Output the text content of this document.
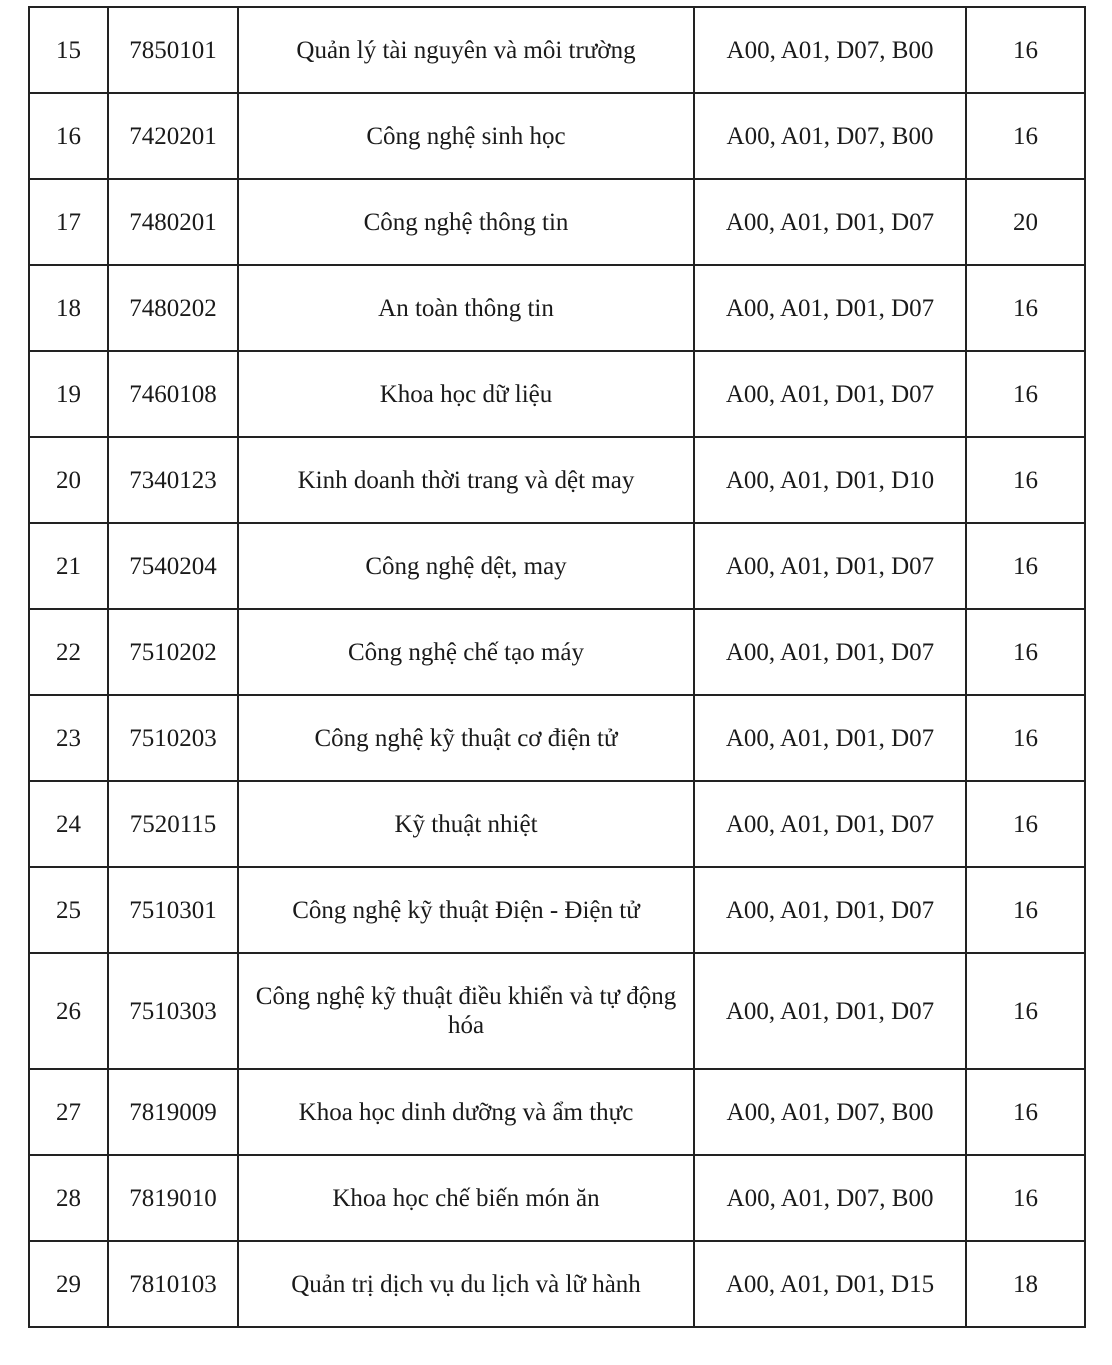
15	7850101	Quản lý tài nguyên và môi trường	A00, A01, D07, B00	16
16	7420201	Công nghệ sinh học	A00, A01, D07, B00	16
17	7480201	Công nghệ thông tin	A00, A01, D01, D07	20
18	7480202	An toàn thông tin	A00, A01, D01, D07	16
19	7460108	Khoa học dữ liệu	A00, A01, D01, D07	16
20	7340123	Kinh doanh thời trang và dệt may	A00, A01, D01, D10	16
21	7540204	Công nghệ dệt, may	A00, A01, D01, D07	16
22	7510202	Công nghệ chế tạo máy	A00, A01, D01, D07	16
23	7510203	Công nghệ kỹ thuật cơ điện tử	A00, A01, D01, D07	16
24	7520115	Kỹ thuật nhiệt	A00, A01, D01, D07	16
25	7510301	Công nghệ kỹ thuật Điện - Điện tử	A00, A01, D01, D07	16
26	7510303	Công nghệ kỹ thuật điều khiển và tự động hóa	A00, A01, D01, D07	16
27	7819009	Khoa học dinh dưỡng và ẩm thực	A00, A01, D07, B00	16
28	7819010	Khoa học chế biến món ăn	A00, A01, D07, B00	16
29	7810103	Quản trị dịch vụ du lịch và lữ hành	A00, A01, D01, D15	18
